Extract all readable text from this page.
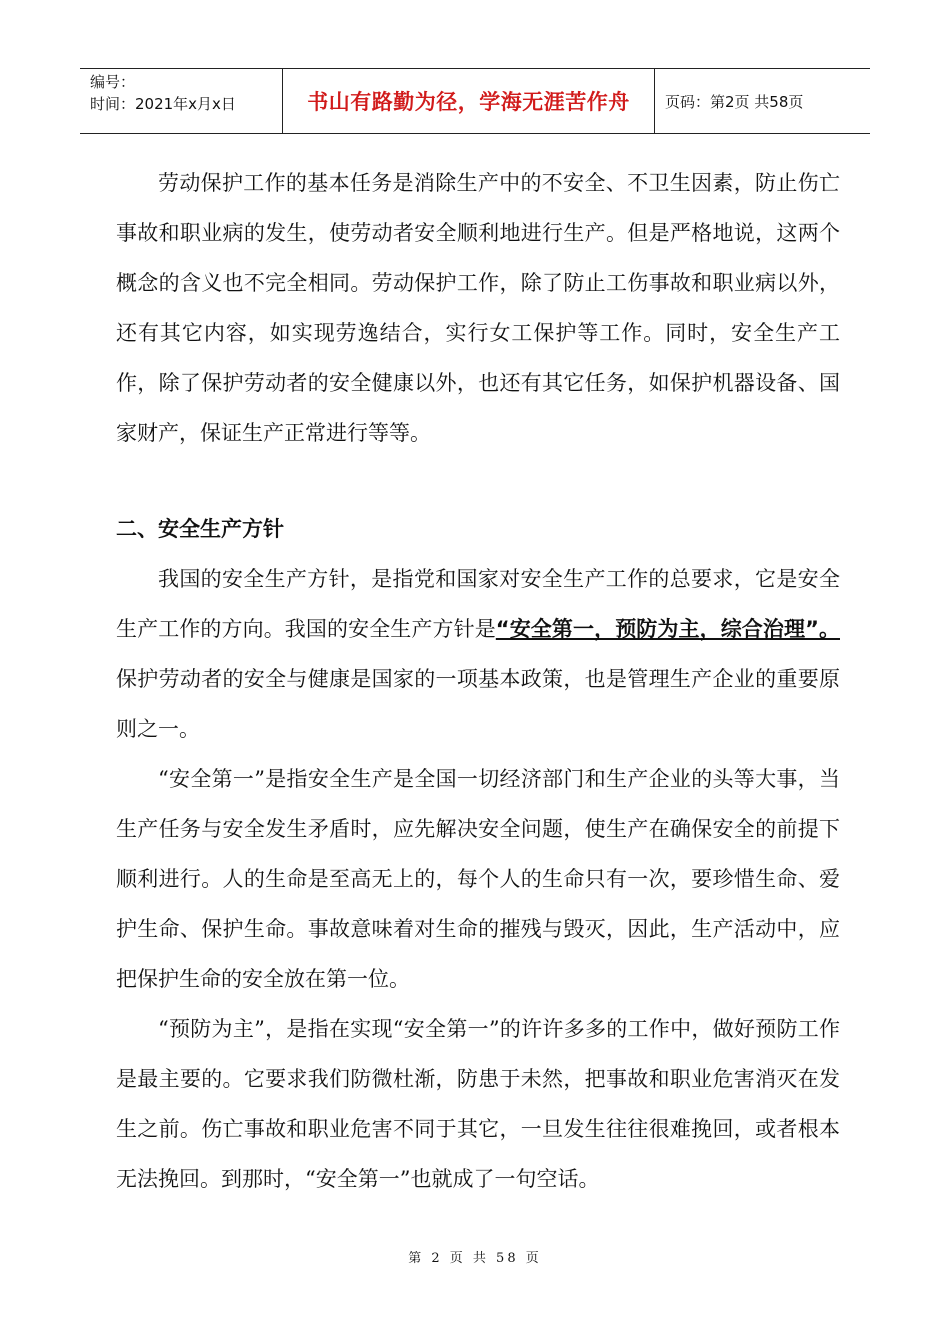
编号：
时间：2021年x月x日	书山有路勤为径，学海无涯苦作舟 页码：第2页 共58页

劳动保护工作的基本任务是消除生产中的不安全、不卫生因素，防止伤亡事故和职业病的发生，使劳动者安全顺利地进行生产。但是严格地说，这两个概念的含义也不完全相同。劳动保护工作，除了防止工伤事故和职业病以外，还有其它内容，如实现劳逸结合，实行女工保护等工作。同时，安全生产工作，除了保护劳动者的安全健康以外，也还有其它任务，如保护机器设备、国家财产，保证生产正常进行等等。

二、安全生产方针

我国的安全生产方针，是指党和国家对安全生产工作的总要求，它是安全生产工作的方向。我国的安全生产方针是“安全第一，预防为主，综合治理”。保护劳动者的安全与健康是国家的一项基本政策，也是管理生产企业的重要原则之一。

“安全第一”是指安全生产是全国一切经济部门和生产企业的头等大事，当生产任务与安全发生矛盾时，应先解决安全问题，使生产在确保安全的前提下顺利进行。人的生命是至高无上的，每个人的生命只有一次，要珍惜生命、爱护生命、保护生命。事故意味着对生命的摧残与毁灭，因此，生产活动中，应把保护生命的安全放在第一位。

“预防为主”，是指在实现“安全第一”的许许多多的工作中，做好预防工作是最主要的。它要求我们防微杜渐，防患于未然，把事故和职业危害消灭在发生之前。伤亡事故和职业危害不同于其它，一旦发生往往很难挽回，或者根本无法挽回。到那时，“安全第一”也就成了一句空话。

第 2 页 共 58 页
